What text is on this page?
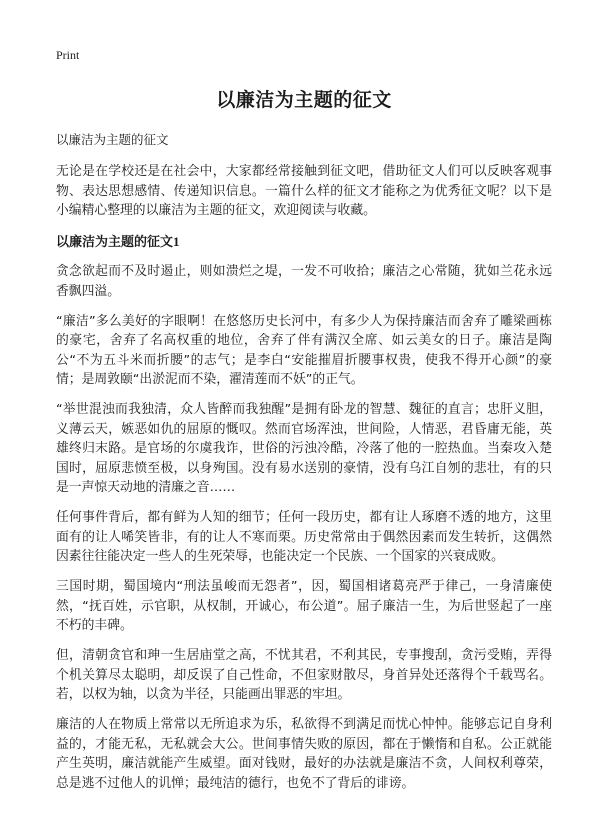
Print
以廉洁为主题的征文
以廉洁为主题的征文

无论是在学校还是在社会中，大家都经常接触到征文吧，借助征文人们可以反映客观事物、表达思想感情、传递知识信息。一篇什么样的征文才能称之为优秀征文呢？以下是小编精心整理的以廉洁为主题的征文，欢迎阅读与收藏。

以廉洁为主题的征文1

贪念欲起而不及时遏止，则如溃烂之堤，一发不可收拾；廉洁之心常随，犹如兰花永远香飘四溢。

“廉洁”多么美好的字眼啊！在悠悠历史长河中，有多少人为保持廉洁而舍弃了雕梁画栋的豪宅，舍弃了名高权重的地位，舍弃了伴有满汉全席、如云美女的日子。廉洁是陶公“不为五斗米而折腰”的志气；是李白“安能摧眉折腰事权贵，使我不得开心颜”的豪情；是周敦颐“出淤泥而不染，濯清莲而不妖”的正气。

“举世混浊而我独清，众人皆醉而我独醒”是拥有卧龙的智慧、魏征的直言；忠肝义胆，义薄云天，嫉恶如仇的屈原的慨叹。然而官场浑浊，世间险，人情恶，君昏庸无能，英雄终归末路。是官场的尔虞我诈，世俗的污浊冷酷，冷落了他的一腔热血。当秦攻入楚国时，屈原悲愤至极，以身殉国。没有易水送别的豪情，没有乌江自刎的悲壮，有的只是一声惊天动地的清廉之音……

任何事件背后，都有鲜为人知的细节；任何一段历史，都有让人琢磨不透的地方，这里面有的让人唏笑皆非，有的让人不寒而栗。历史常常由于偶然因素而发生转折，这偶然因素往往能决定一些人的生死荣辱，也能决定一个民族、一个国家的兴衰成败。

三国时期，蜀国境内“刑法虽峻而无怨者”，因，蜀国相诸葛亮严于律己，一身清廉使然，“抚百姓，示官职，从权制，开诚心，布公道”。屈子廉洁一生，为后世竖起了一座不朽的丰碑。

但，清朝贪官和珅一生居庙堂之高，不忧其君，不利其民，专事搜刮，贪污受贿，弄得个机关算尽太聪明，却反误了自己性命，不但家财散尽，身首异处还落得个千载骂名。若，以权为轴，以贪为半径，只能画出罪恶的牢坦。

廉洁的人在物质上常常以无所追求为乐，私欲得不到满足而忧心忡忡。能够忘记自身利益的，才能无私，无私就会大公。世间事情失败的原因，都在于懒惰和自私。公正就能产生英明，廉洁就能产生威望。面对钱财，最好的办法就是廉洁不贪，人间权利尊荣，总是逃不过他人的讥惮；最纯洁的德行，也免不了背后的诽谤。
